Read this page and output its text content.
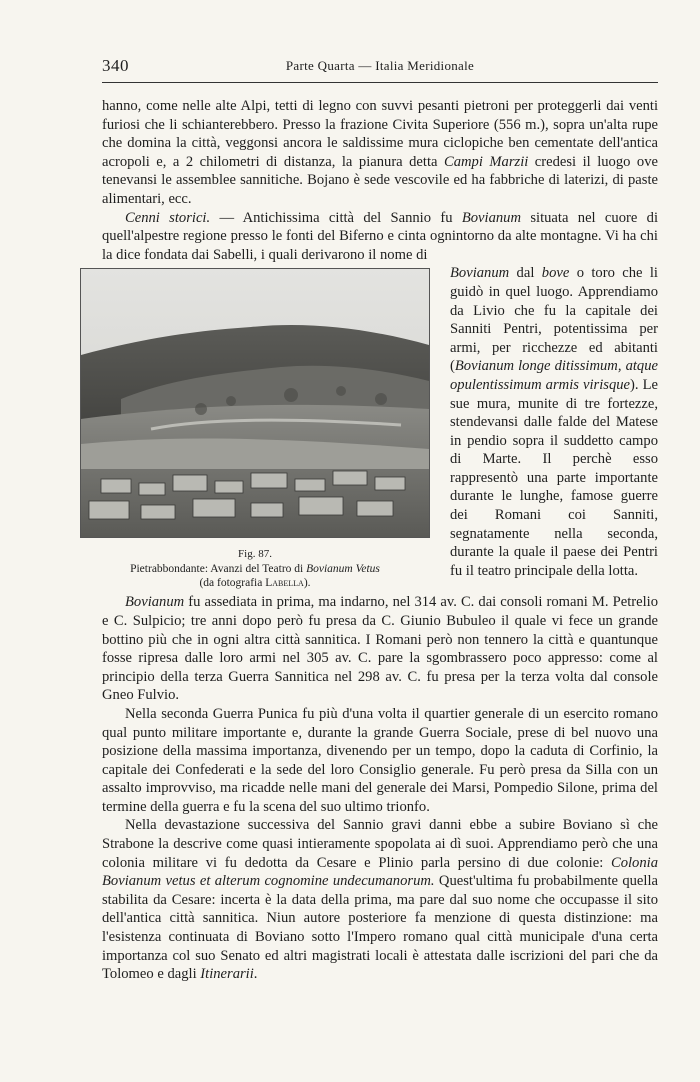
340	Parte Quarta — Italia Meridionale

hanno, come nelle alte Alpi, tetti di legno con suvvi pesanti pietroni per proteggerli dai venti furiosi che li schianterebbero. Presso la frazione Civita Superiore (556 m.), sopra un'alta rupe che domina la città, veggonsi ancora le saldissime mura ciclopiche ben cementate dell'antica acropoli e, a 2 chilometri di distanza, la pianura detta Campi Marzii credesi il luogo ove tenevansi le assemblee sannitiche. Bojano è sede vescovile ed ha fabbriche di laterizi, di paste alimentari, ecc.

Cenni storici. — Antichissima città del Sannio fu Bovianum situata nel cuore di quell'alpestre regione presso le fonti del Biferno e cinta ognintorno da alte montagne. Vi ha chi la dice fondata dai Sabelli, i quali derivarono il nome di

Fig. 87.
Pietrabbondante: Avanzi del Teatro di Bovianum Vetus
(da fotografia Labella).

Bovianum dal bove o toro che li guidò in quel luogo. Apprendiamo da Livio che fu la capitale dei Sanniti Pentri, potentissima per armi, per ricchezze ed abitanti (Bovianum longe ditissimum, atque opulentissimum armis virisque). Le sue mura, munite di tre fortezze, stendevansi dalle falde del Matese in pendio sopra il suddetto campo di Marte. Il perchè esso rappresentò una parte importante durante le lunghe, famose guerre dei Romani coi Sanniti, segnatamente nella seconda, durante la quale il paese dei Pentri fu il teatro principale della lotta.

Bovianum fu assediata in prima, ma indarno, nel 314 av. C. dai consoli romani M. Petrelio e C. Sulpicio; tre anni dopo però fu presa da C. Giunio Bubuleo il quale vi fece un grande bottino più che in ogni altra città sannitica. I Romani però non tennero la città e quantunque fosse ripresa dalle loro armi nel 305 av. C. pare la sgombrassero poco appresso: come al principio della terza Guerra Sannitica nel 298 av. C. fu presa per la terza volta dal console Gneo Fulvio.

Nella seconda Guerra Punica fu più d'una volta il quartier generale di un esercito romano qual punto militare importante e, durante la grande Guerra Sociale, prese di bel nuovo una posizione della massima importanza, divenendo per un tempo, dopo la caduta di Corfinio, la capitale dei Confederati e la sede del loro Consiglio generale. Fu però presa da Silla con un assalto improvviso, ma ricadde nelle mani del generale dei Marsi, Pompedio Silone, prima del termine della guerra e fu la scena del suo ultimo trionfo.

Nella devastazione successiva del Sannio gravi danni ebbe a subire Boviano sì che Strabone la descrive come quasi intieramente spopolata ai dì suoi. Apprendiamo però che una colonia militare vi fu dedotta da Cesare e Plinio parla persino di due colonie: Colonia Bovianum vetus et alterum cognomine undecumanorum. Quest'ultima fu probabilmente quella stabilita da Cesare: incerta è la data della prima, ma pare dal suo nome che occupasse il sito dell'antica città sannitica. Niun autore posteriore fa menzione di questa distinzione: ma l'esistenza continuata di Boviano sotto l'Impero romano qual città municipale d'una certa importanza col suo Senato ed altri magistrati locali è attestata dalle iscrizioni del pari che da Tolomeo e dagli Itinerarii.
